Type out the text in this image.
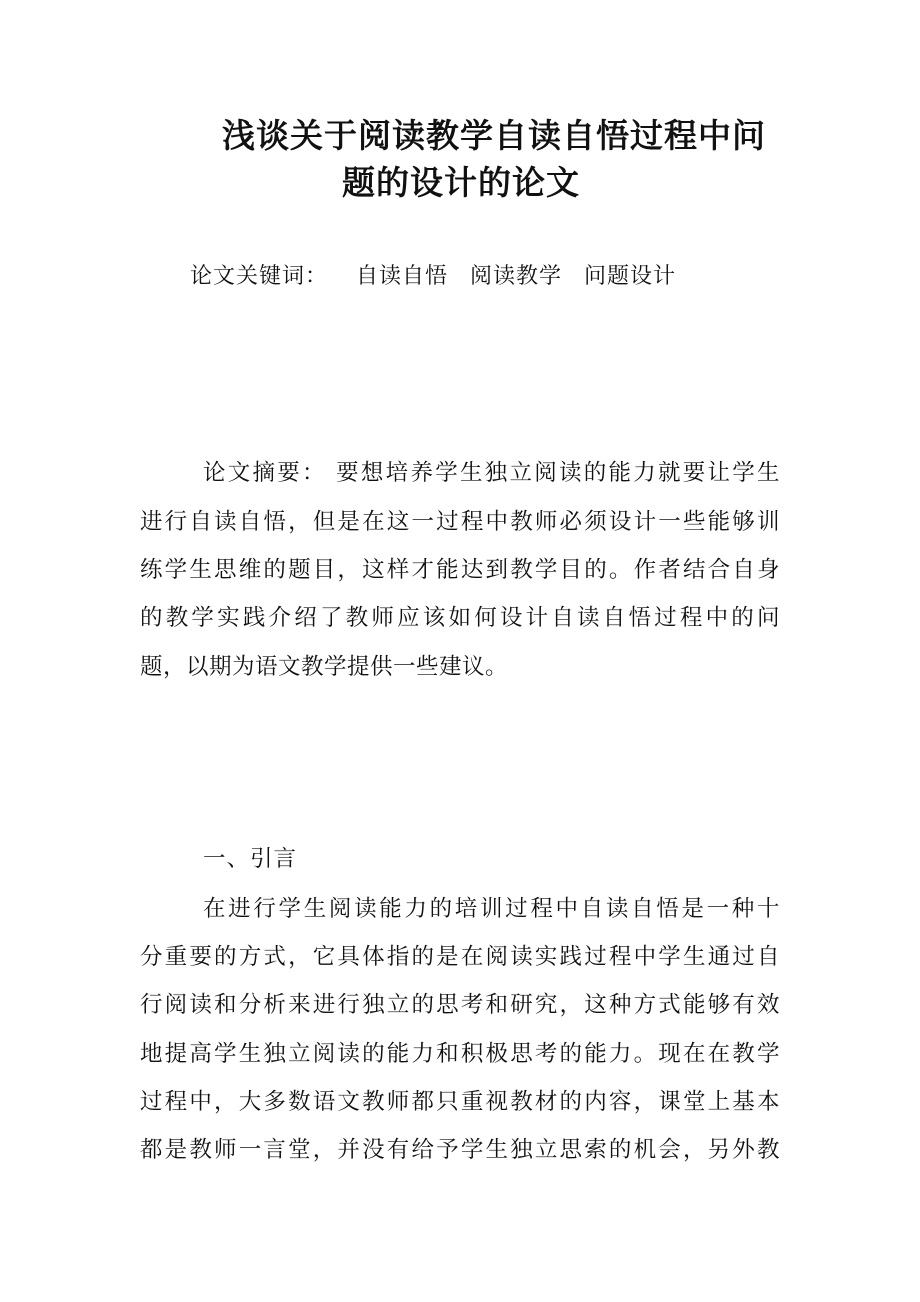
浅谈关于阅读教学自读自悟过程中问
题的设计的论文
论文关键词： 自读自悟 阅读教学 问题设计
论文摘要： 要想培养学生独立阅读的能力就要让学生
进行自读自悟，但是在这一过程中教师必须设计一些能够训
练学生思维的题目，这样才能达到教学目的。作者结合自身
的教学实践介绍了教师应该如何设计自读自悟过程中的问
题，以期为语文教学提供一些建议。
一、引言
在进行学生阅读能力的培训过程中自读自悟是一种十
分重要的方式，它具体指的是在阅读实践过程中学生通过自
行阅读和分析来进行独立的思考和研究，这种方式能够有效
地提高学生独立阅读的能力和积极思考的能力。现在在教学
过程中，大多数语文教师都只重视教材的内容，课堂上基本
都是教师一言堂，并没有给予学生独立思索的机会，另外教
